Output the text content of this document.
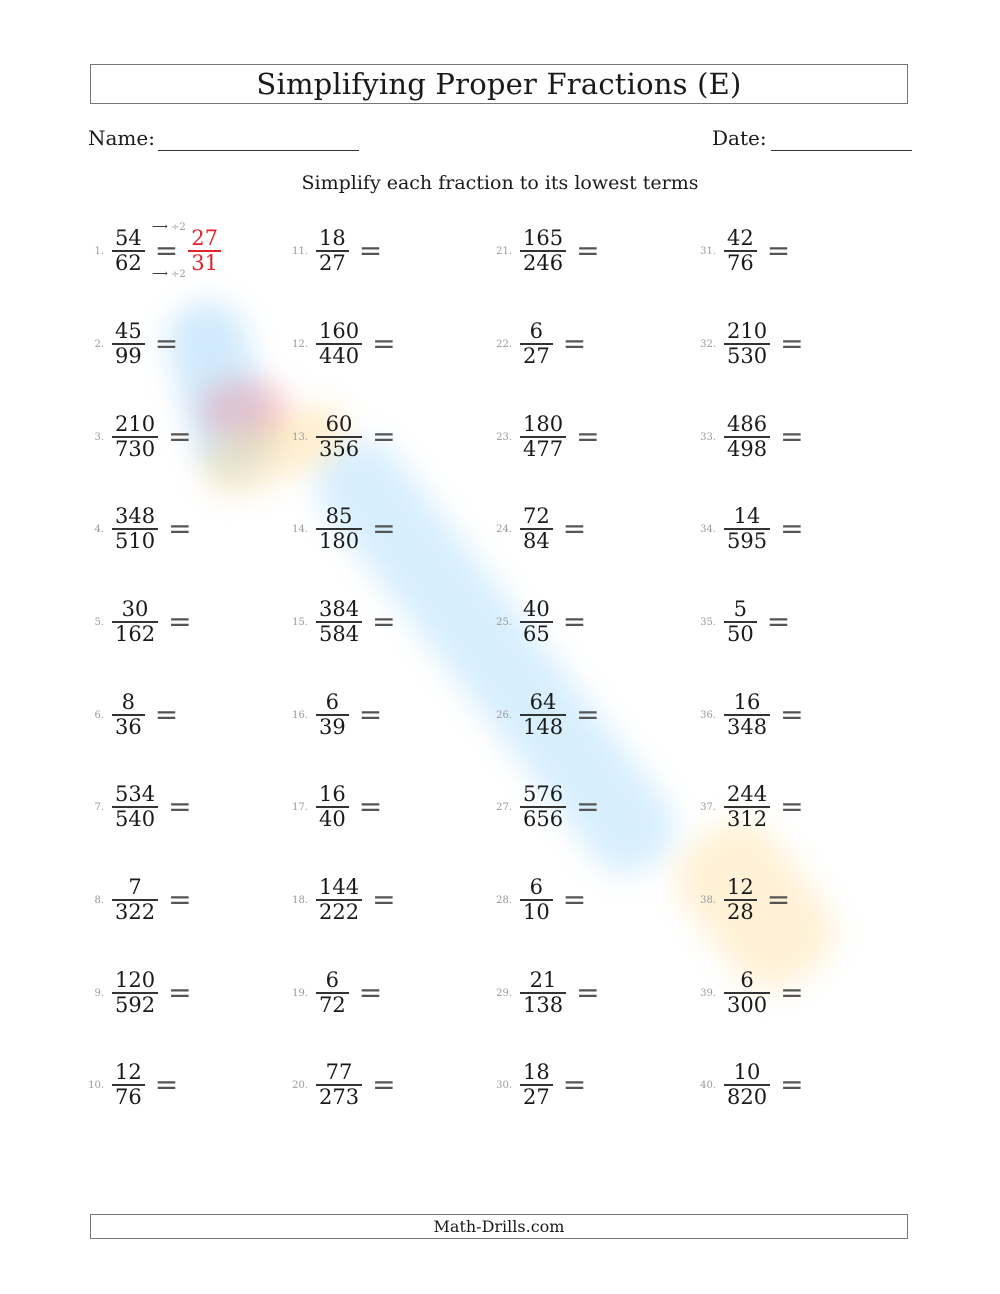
Simplifying Proper Fractions (E)
Name:	Date:
Simplify each fraction to its lowest terms
1. $\frac{54}{62} = \frac{27}{31}$
⟶ ÷2
⟶ ÷2
2. $\frac{45}{99}$ =
3. $\frac{210}{730}$ =
4. $\frac{348}{510}$ =
5. $\frac{30}{162}$ =
6. $\frac{8}{36}$ =
7. $\frac{534}{540}$ =
8. $\frac{7}{322}$ =
9. $\frac{120}{592}$ =
10. $\frac{12}{76}$ =
11. $\frac{18}{27}$ =
12. $\frac{160}{440}$ =
13. $\frac{60}{356}$ =
14. $\frac{85}{180}$ =
15. $\frac{384}{584}$ =
16. $\frac{6}{39}$ =
17. $\frac{16}{40}$ =
18. $\frac{144}{222}$ =
19. $\frac{6}{72}$ =
20. $\frac{77}{273}$ =
21. $\frac{165}{246}$ =
22. $\frac{6}{27}$ =
23. $\frac{180}{477}$ =
24. $\frac{72}{84}$ =
25. $\frac{40}{65}$ =
26. $\frac{64}{148}$ =
27. $\frac{576}{656}$ =
28. $\frac{6}{10}$ =
29. $\frac{21}{138}$ =
30. $\frac{18}{27}$ =
31. $\frac{42}{76}$ =
32. $\frac{210}{530}$ =
33. $\frac{486}{498}$ =
34. $\frac{14}{595}$ =
35. $\frac{5}{50}$ =
36. $\frac{16}{348}$ =
37. $\frac{244}{312}$ =
38. $\frac{12}{28}$ =
39. $\frac{6}{300}$ =
40. $\frac{10}{820}$ =
Math-Drills.com
